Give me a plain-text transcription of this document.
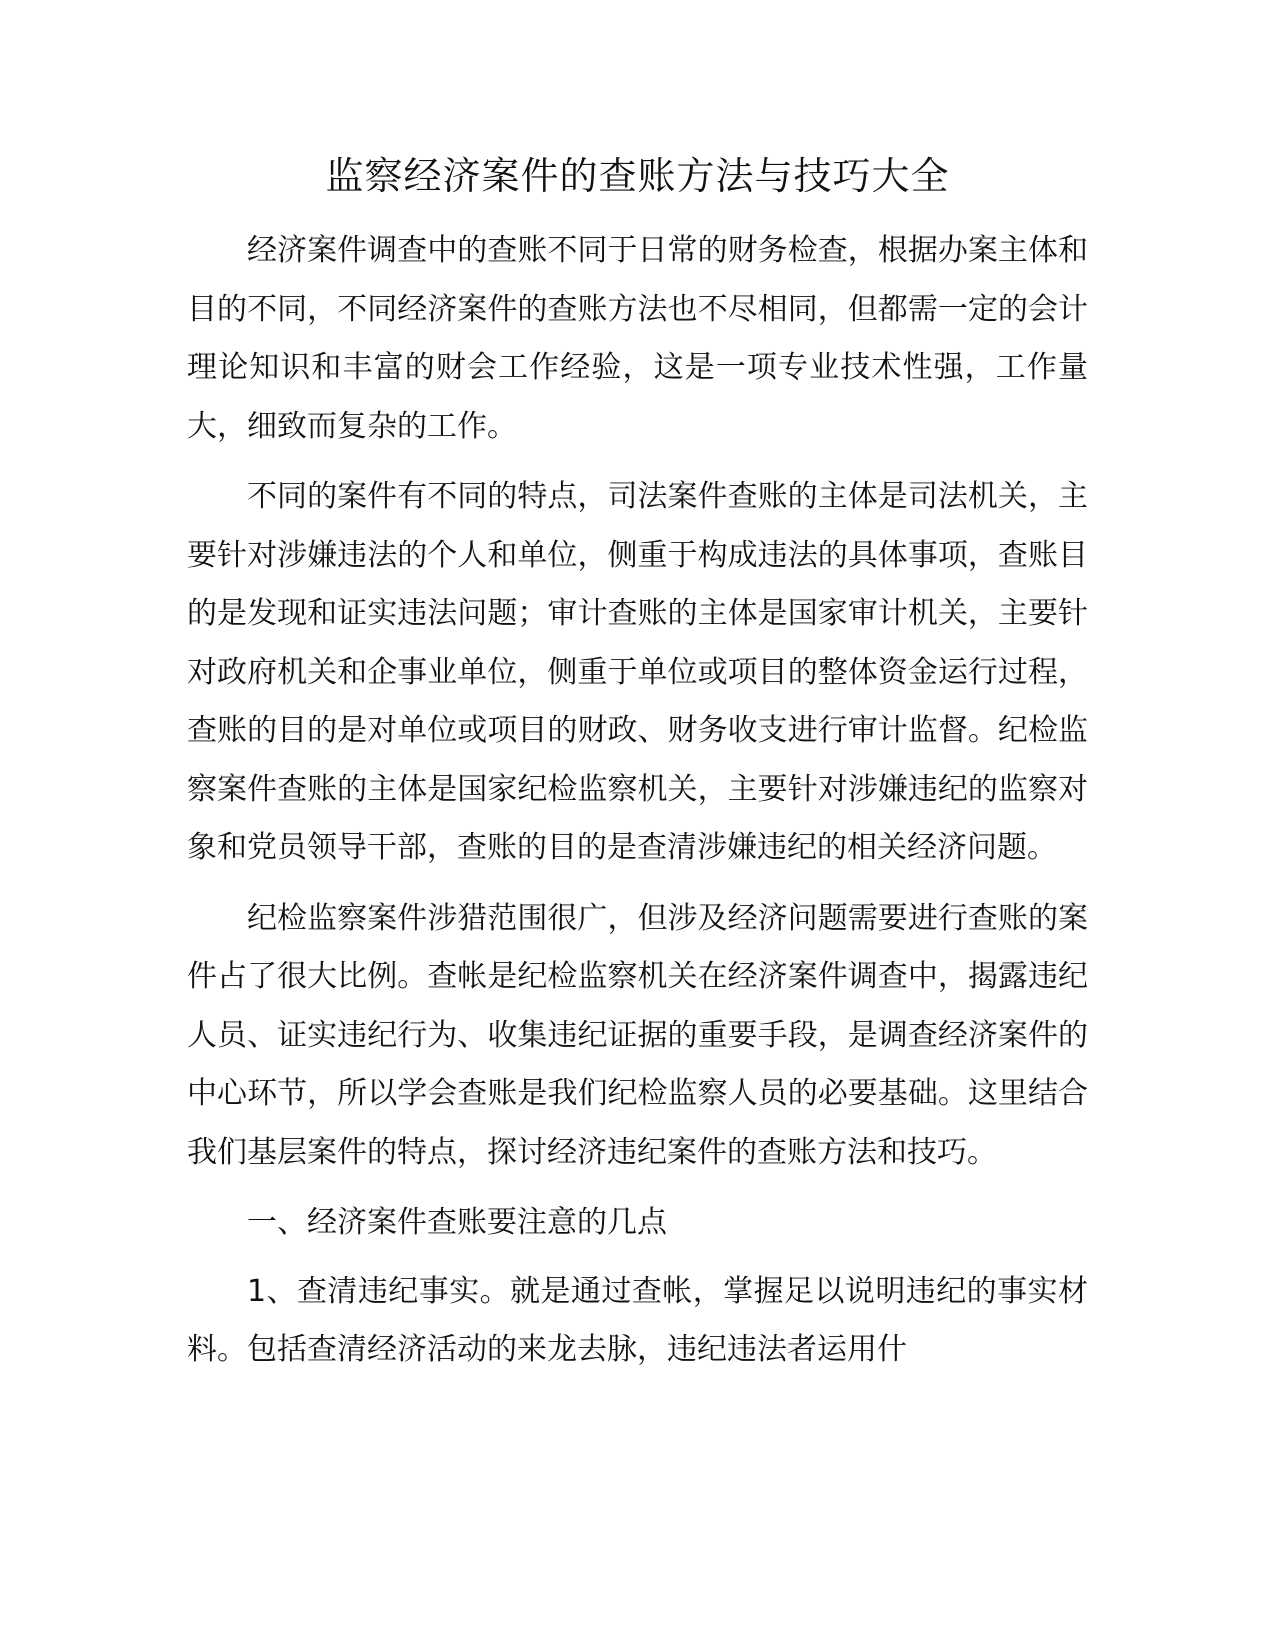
监察经济案件的查账方法与技巧大全

经济案件调查中的查账不同于日常的财务检查，根据办案主体和目的不同，不同经济案件的查账方法也不尽相同，但都需一定的会计理论知识和丰富的财会工作经验，这是一项专业技术性强，工作量大，细致而复杂的工作。

不同的案件有不同的特点，司法案件查账的主体是司法机关，主要针对涉嫌违法的个人和单位，侧重于构成违法的具体事项，查账目的是发现和证实违法问题；审计查账的主体是国家审计机关，主要针对政府机关和企事业单位，侧重于单位或项目的整体资金运行过程，查账的目的是对单位或项目的财政、财务收支进行审计监督。纪检监察案件查账的主体是国家纪检监察机关，主要针对涉嫌违纪的监察对象和党员领导干部，查账的目的是查清涉嫌违纪的相关经济问题。

纪检监察案件涉猎范围很广，但涉及经济问题需要进行查账的案件占了很大比例。查帐是纪检监察机关在经济案件调查中，揭露违纪人员、证实违纪行为、收集违纪证据的重要手段，是调查经济案件的中心环节，所以学会查账是我们纪检监察人员的必要基础。这里结合我们基层案件的特点，探讨经济违纪案件的查账方法和技巧。

一、经济案件查账要注意的几点

1、查清违纪事实。就是通过查帐，掌握足以说明违纪的事实材料。包括查清经济活动的来龙去脉，违纪违法者运用什
